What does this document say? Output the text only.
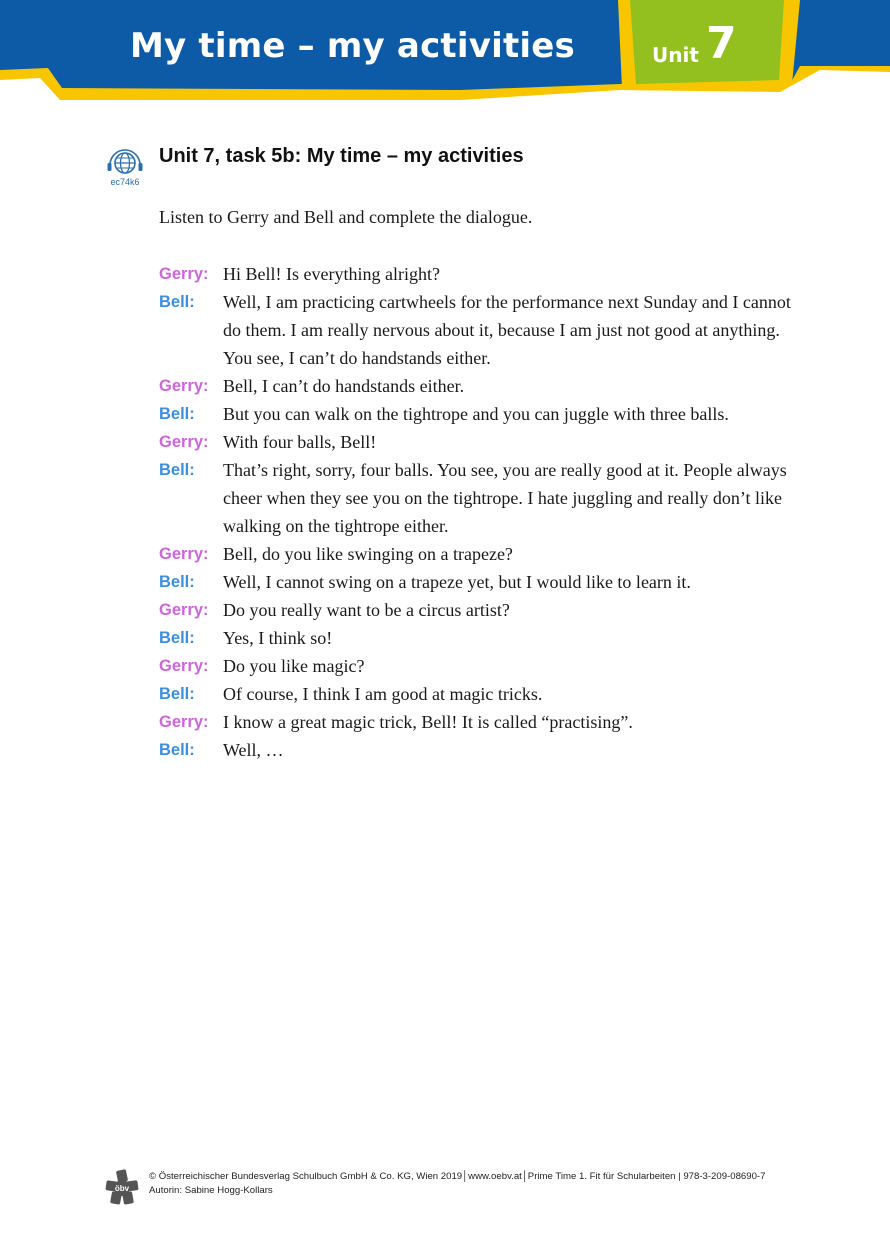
My time – my activities	Unit 7
ec74k6
Unit 7, task 5b: My time – my activities
Listen to Gerry and Bell and complete the dialogue.
Gerry: Hi Bell! Is everything alright?
Bell:	Well, I am practicing cartwheels for the performance next Sunday and I cannot do them. I am really nervous about it, because I am just not good at anything. You see, I can’t do handstands either.
Gerry: Bell, I can’t do handstands either.
Bell:	But you can walk on the tightrope and you can juggle with three balls.
Gerry: With four balls, Bell!
Bell:	That’s right, sorry, four balls. You see, you are really good at it. People always cheer when they see you on the tightrope. I hate juggling and really don’t like walking on the tightrope either.
Gerry: Bell, do you like swinging on a trapeze?
Bell:	Well, I cannot swing on a trapeze yet, but I would like to learn it.
Gerry: Do you really want to be a circus artist?
Bell:	Yes, I think so!
Gerry: Do you like magic?
Bell:	Of course, I think I am good at magic tricks.
Gerry: I know a great magic trick, Bell! It is called “practising”.
Bell:	Well, …
öbv
© Österreichischer Bundesverlag Schulbuch GmbH & Co. KG, Wien 2019│www.oebv.at│Prime Time 1. Fit für Schularbeiten | 978-3-209-08690-7
Autorin: Sabine Hogg-Kollars
